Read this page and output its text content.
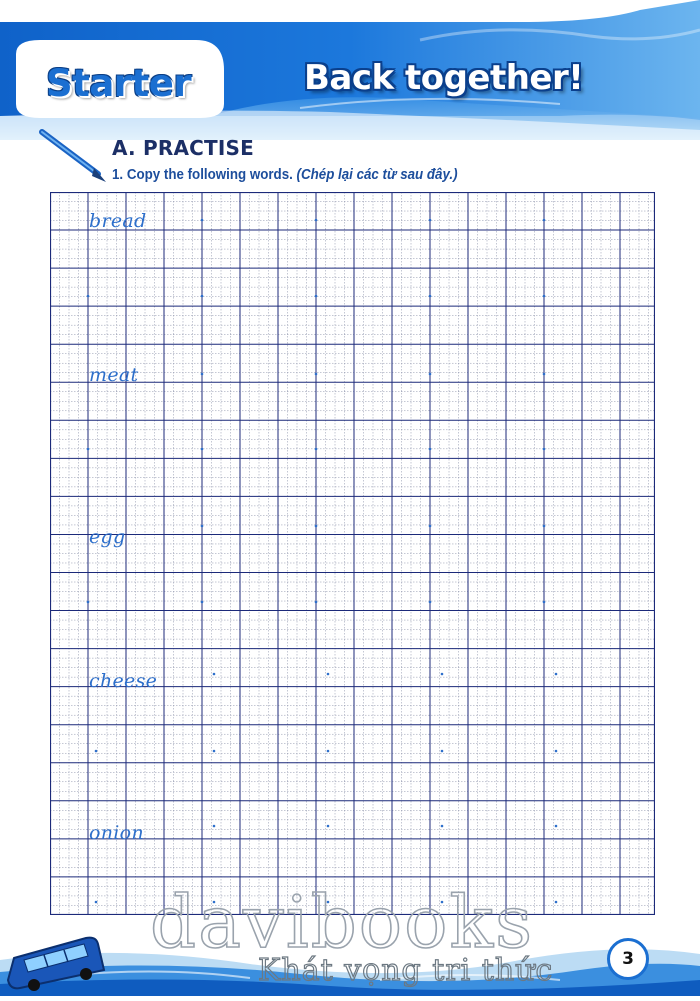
Starter	Back together!
A. PRACTISE
1. Copy the following words. (Chép lại các từ sau đây.)
bread
meat
egg
cheese
onion
davibooks
Khát vọng tri thức	3
